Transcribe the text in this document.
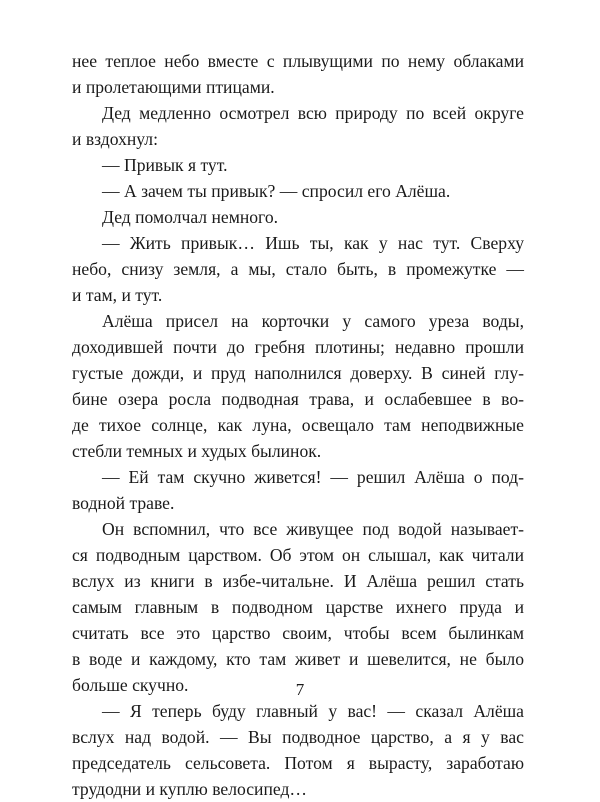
нее теплое небо вместе с плывущими по нему облаками
и пролетающими птицами.
Дед медленно осмотрел всю природу по всей округе
и вздохнул:
— Привык я тут.
— А зачем ты привык? — спросил его Алёша.
Дед помолчал немного.
— Жить привык… Ишь ты, как у нас тут. Сверху
небо, снизу земля, а мы, стало быть, в промежутке —
и там, и тут.
Алёша присел на корточки у самого уреза воды,
доходившей почти до гребня плотины; недавно прошли
густые дожди, и пруд наполнился доверху. В синей глу-
бине озера росла подводная трава, и ослабевшее в во-
де тихое солнце, как луна, освещало там неподвижные
стебли темных и худых былинок.
— Ей там скучно живется! — решил Алёша о под-
водной траве.
Он вспомнил, что все живущее под водой называет-
ся подводным царством. Об этом он слышал, как читали
вслух из книги в избе-читальне. И Алёша решил стать
самым главным в подводном царстве ихнего пруда и
считать все это царство своим, чтобы всем былинкам
в воде и каждому, кто там живет и шевелится, не было
больше скучно.
— Я теперь буду главный у вас! — сказал Алёша
вслух над водой. — Вы подводное царство, а я у вас
председатель сельсовета. Потом я вырасту, заработаю
трудодни и куплю велосипед…
7
